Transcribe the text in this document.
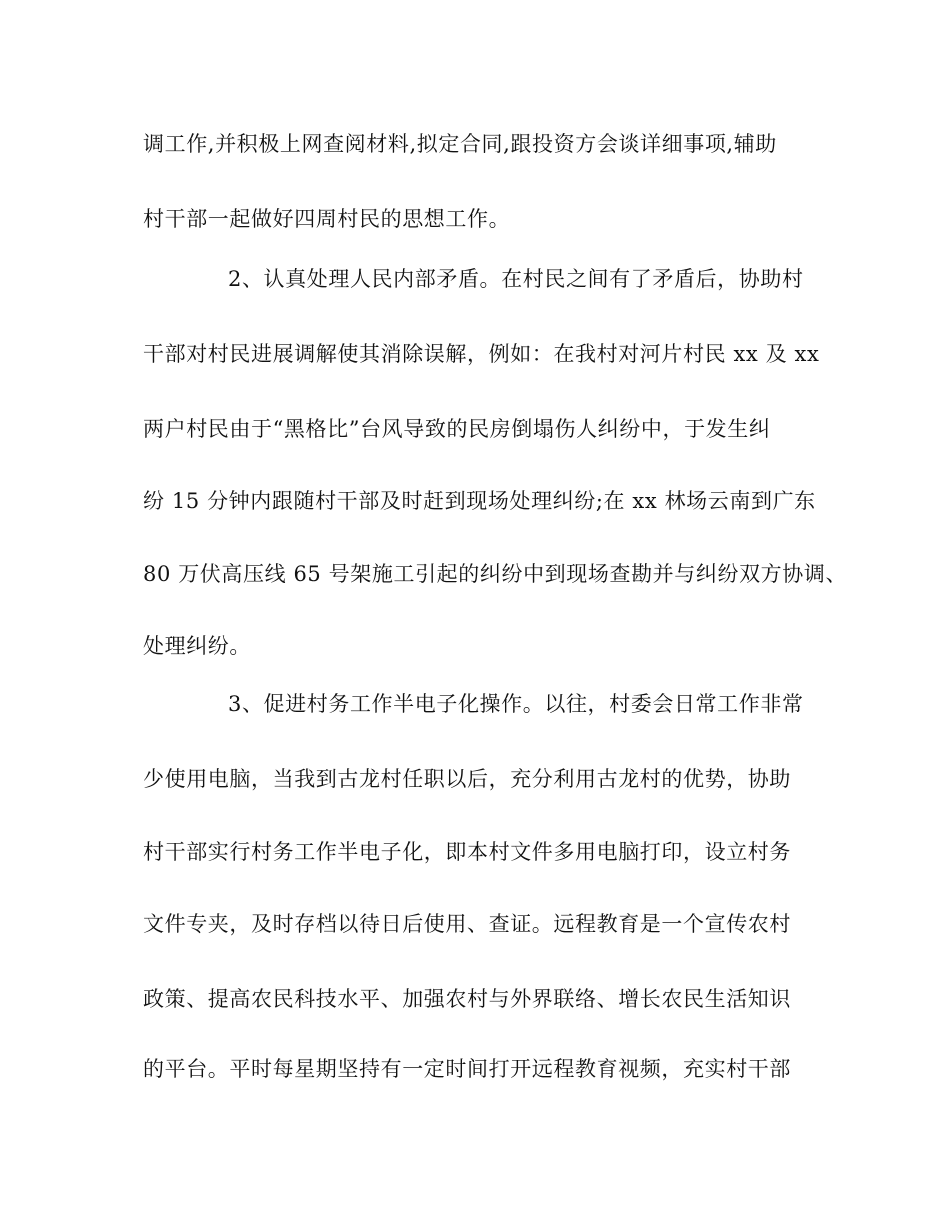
调工作,并积极上网查阅材料,拟定合同,跟投资方会谈详细事项,辅助

村干部一起做好四周村民的思想工作。

2、认真处理人民内部矛盾。在村民之间有了矛盾后，协助村

干部对村民进展调解使其消除误解，例如：在我村对河片村民 xx 及 xx

两户村民由于“黑格比”台风导致的民房倒塌伤人纠纷中，于发生纠

纷 15 分钟内跟随村干部及时赶到现场处理纠纷;在 xx 林场云南到广东

80 万伏高压线 65 号架施工引起的纠纷中到现场查勘并与纠纷双方协调、

处理纠纷。

3、促进村务工作半电子化操作。以往，村委会日常工作非常

少使用电脑，当我到古龙村任职以后，充分利用古龙村的优势，协助

村干部实行村务工作半电子化，即本村文件多用电脑打印，设立村务

文件专夹，及时存档以待日后使用、查证。远程教育是一个宣传农村

政策、提高农民科技水平、加强农村与外界联络、增长农民生活知识

的平台。平时每星期坚持有一定时间打开远程教育视频，充实村干部
